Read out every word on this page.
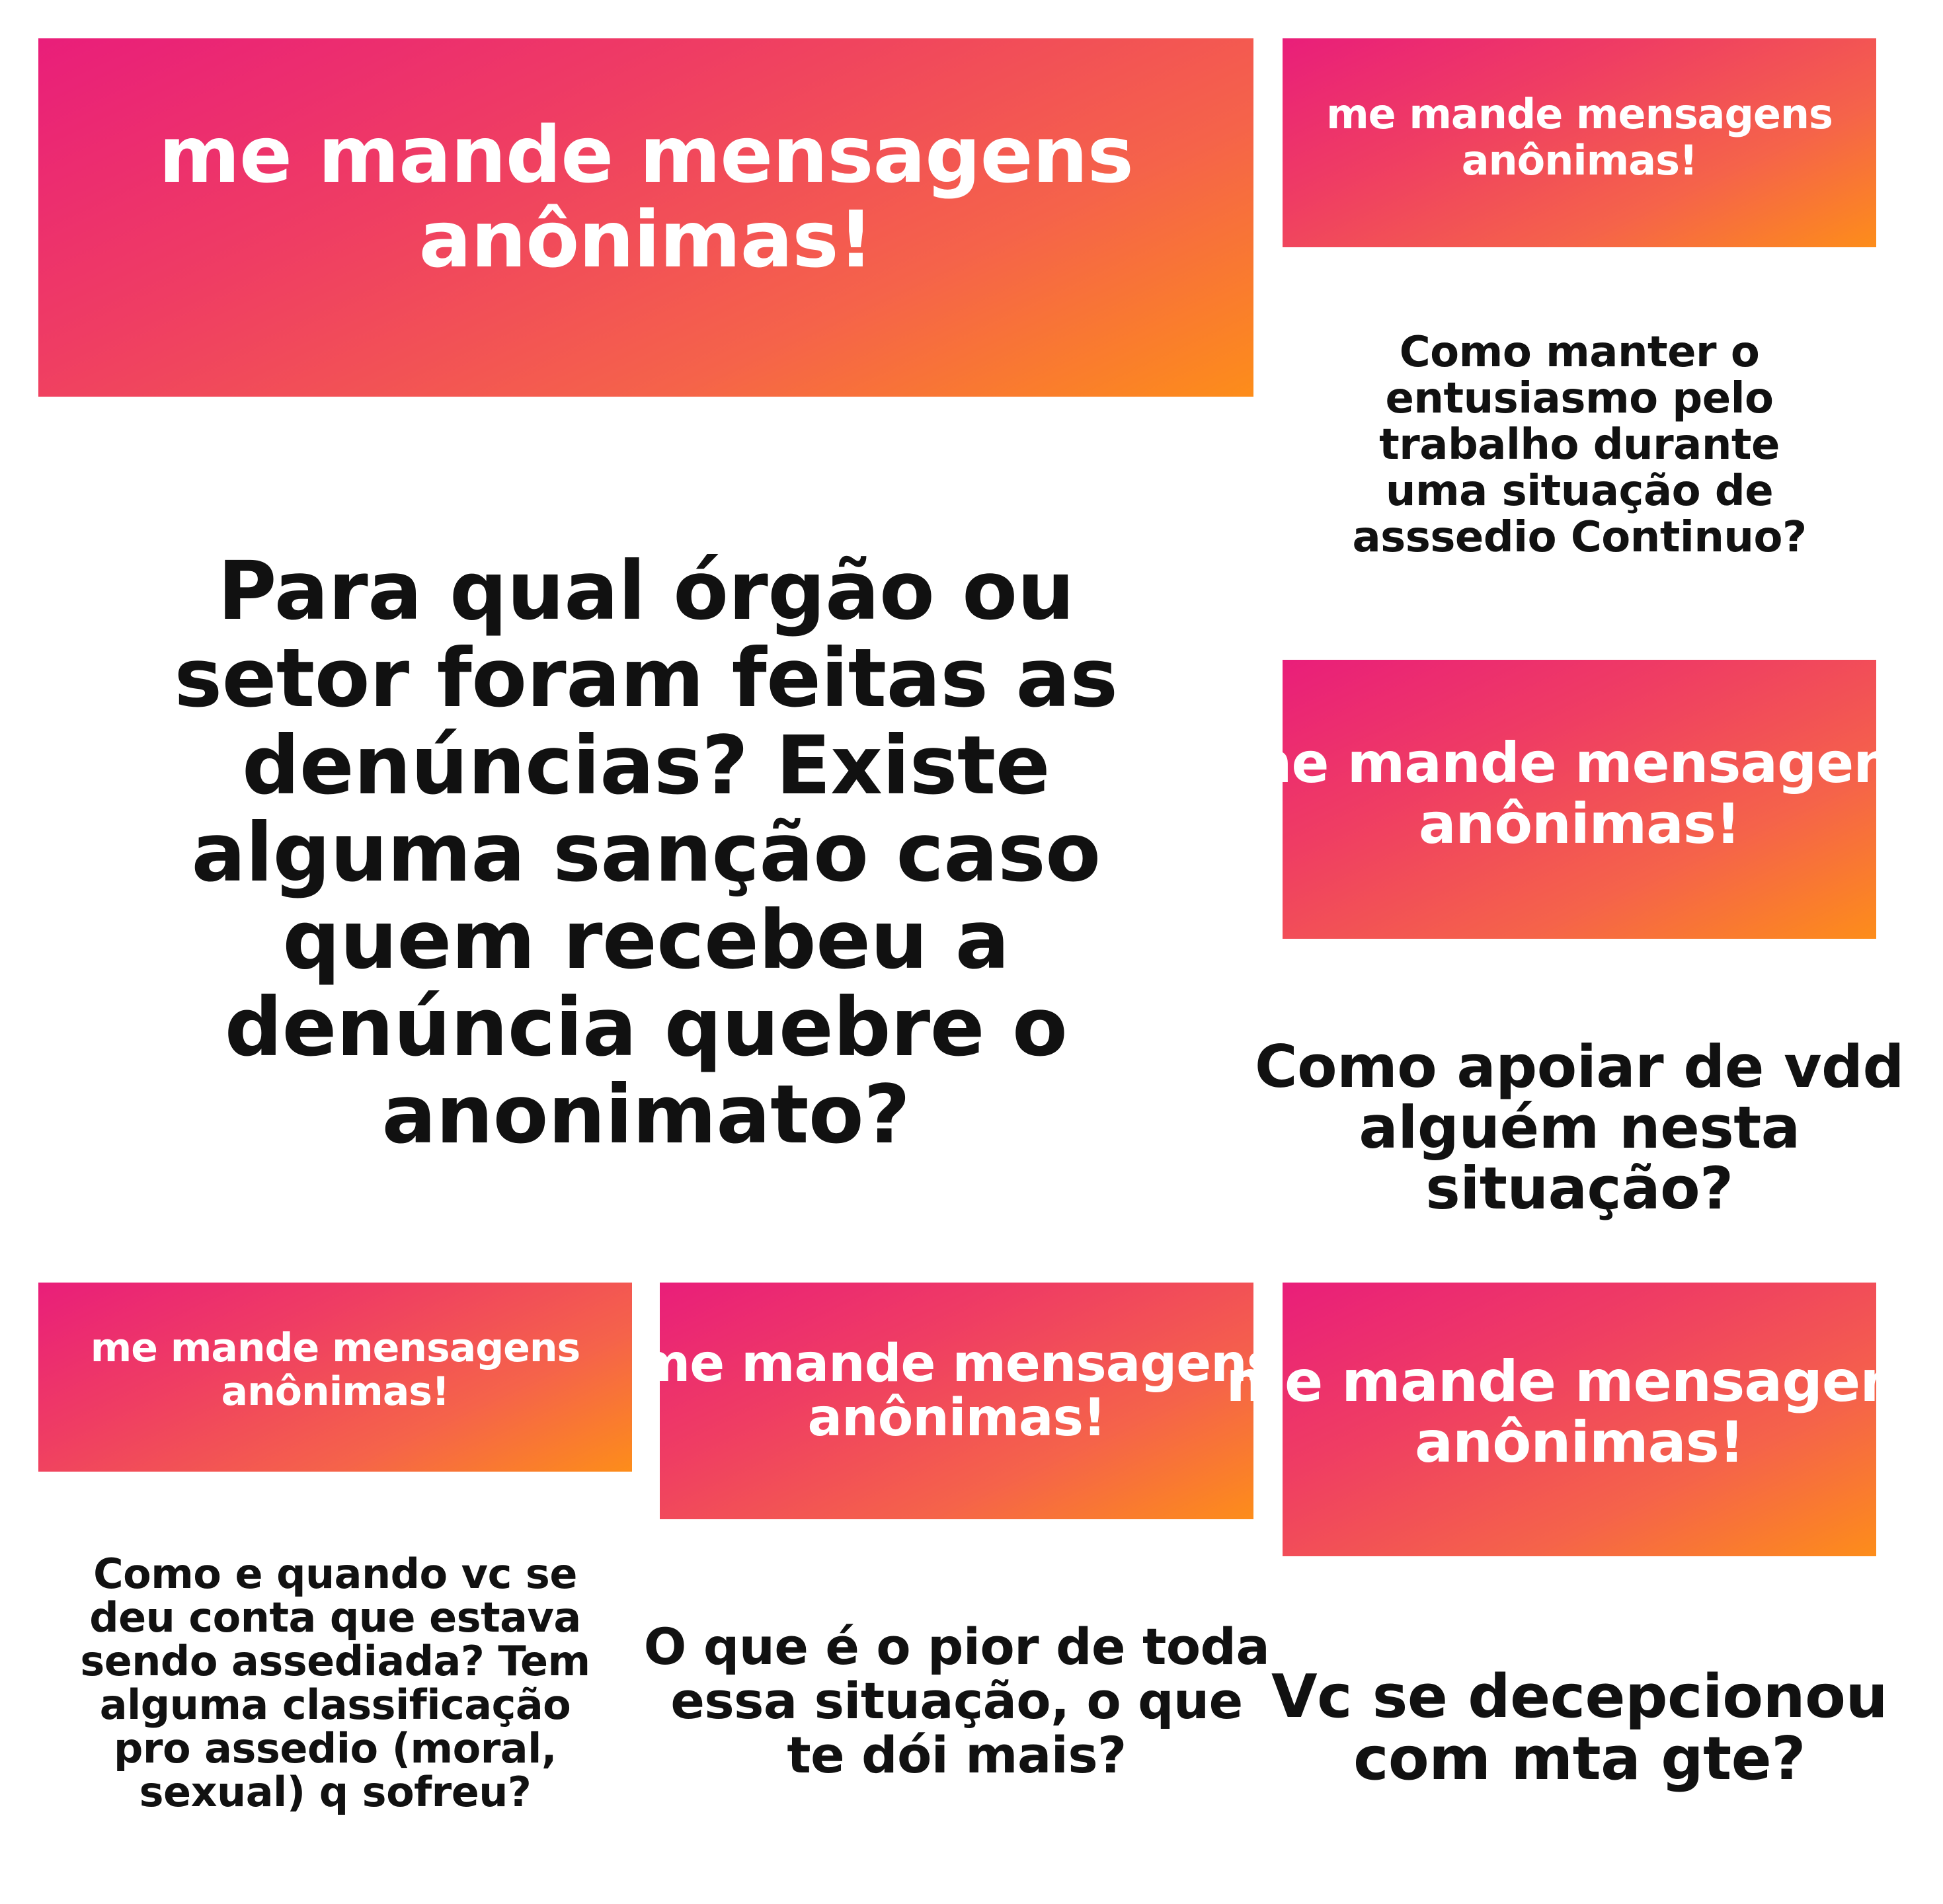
me mande mensagens
anônimas!

Para qual órgão ou setor foram feitas as denúncias? Existe alguma sanção caso quem recebeu a denúncia quebre o anonimato?

me mande mensagens
anônimas!

Como manter o entusiasmo pelo trabalho durante uma situação de asssedio Continuo?

me mande mensagens
anônimas!

Como apoiar de vdd alguém nesta situação?

me mande mensagens
anônimas!

Como e quando vc se deu conta que estava sendo assediada? Tem alguma classificação pro assedio (moral, sexual) q sofreu?

me mande mensagens
anônimas!

O que é o pior de toda essa situação, o que te dói mais?

me mande mensagens
anônimas!

Vc se decepcionou com mta gte?
